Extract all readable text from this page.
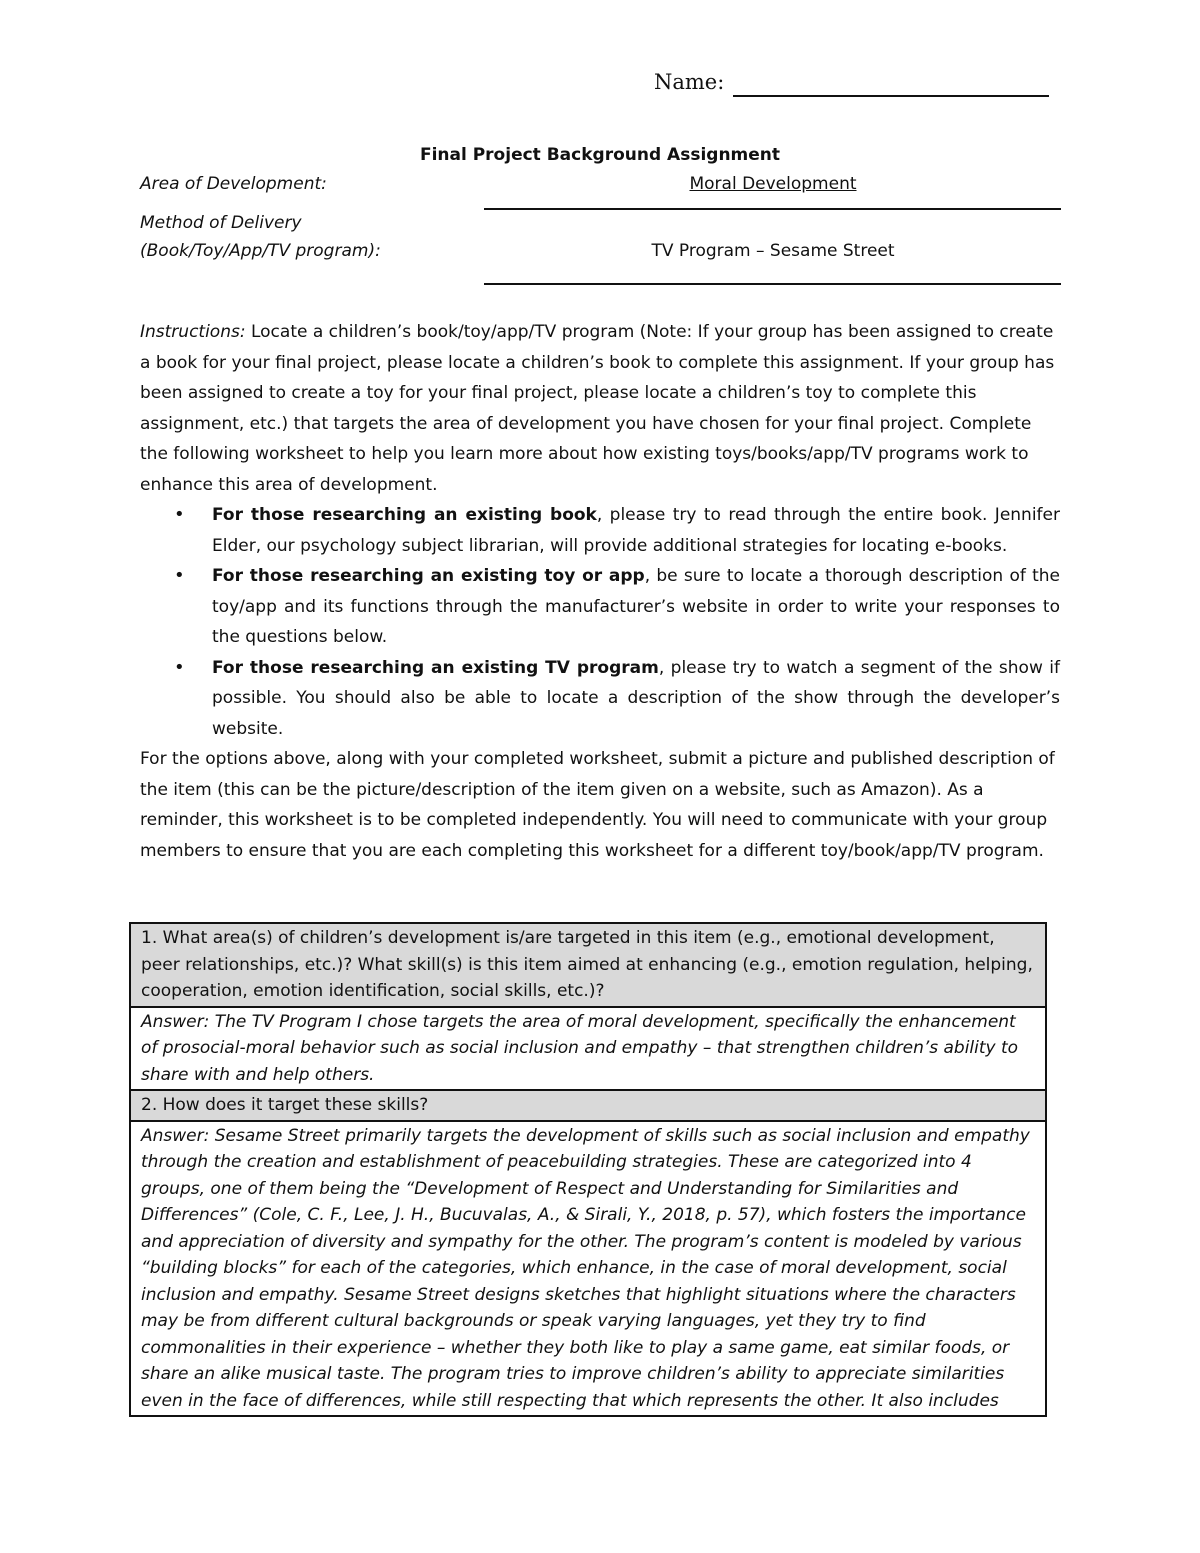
Name:
Final Project Background Assignment
Area of Development:	Moral Development
Method of Delivery
(Book/Toy/App/TV program):	TV Program – Sesame Street

Instructions: Locate a children’s book/toy/app/TV program (Note: If your group has been assigned to create a book for your final project, please locate a children’s book to complete this assignment. If your group has been assigned to create a toy for your final project, please locate a children’s toy to complete this assignment, etc.) that targets the area of development you have chosen for your final project. Complete the following worksheet to help you learn more about how existing toys/books/app/TV programs work to enhance this area of development.

• For those researching an existing book, please try to read through the entire book. Jennifer Elder, our psychology subject librarian, will provide additional strategies for locating e-books.
• For those researching an existing toy or app, be sure to locate a thorough description of the toy/app and its functions through the manufacturer’s website in order to write your responses to the questions below.
• For those researching an existing TV program, please try to watch a segment of the show if possible. You should also be able to locate a description of the show through the developer’s website.

For the options above, along with your completed worksheet, submit a picture and published description of the item (this can be the picture/description of the item given on a website, such as Amazon). As a reminder, this worksheet is to be completed independently. You will need to communicate with your group members to ensure that you are each completing this worksheet for a different toy/book/app/TV program.

1. What area(s) of children’s development is/are targeted in this item (e.g., emotional development, peer relationships, etc.)? What skill(s) is this item aimed at enhancing (e.g., emotion regulation, helping, cooperation, emotion identification, social skills, etc.)?
Answer: The TV Program I chose targets the area of moral development, specifically the enhancement of prosocial-moral behavior such as social inclusion and empathy – that strengthen children’s ability to share with and help others.
2. How does it target these skills?
Answer: Sesame Street primarily targets the development of skills such as social inclusion and empathy through the creation and establishment of peacebuilding strategies. These are categorized into 4 groups, one of them being the “Development of Respect and Understanding for Similarities and Differences” (Cole, C. F., Lee, J. H., Bucuvalas, A., & Sirali, Y., 2018, p. 57), which fosters the importance and appreciation of diversity and sympathy for the other. The program’s content is modeled by various “building blocks” for each of the categories, which enhance, in the case of moral development, social inclusion and empathy. Sesame Street designs sketches that highlight situations where the characters may be from different cultural backgrounds or speak varying languages, yet they try to find commonalities in their experience – whether they both like to play a same game, eat similar foods, or share an alike musical taste. The program tries to improve children’s ability to appreciate similarities even in the face of differences, while still respecting that which represents the other. It also includes
